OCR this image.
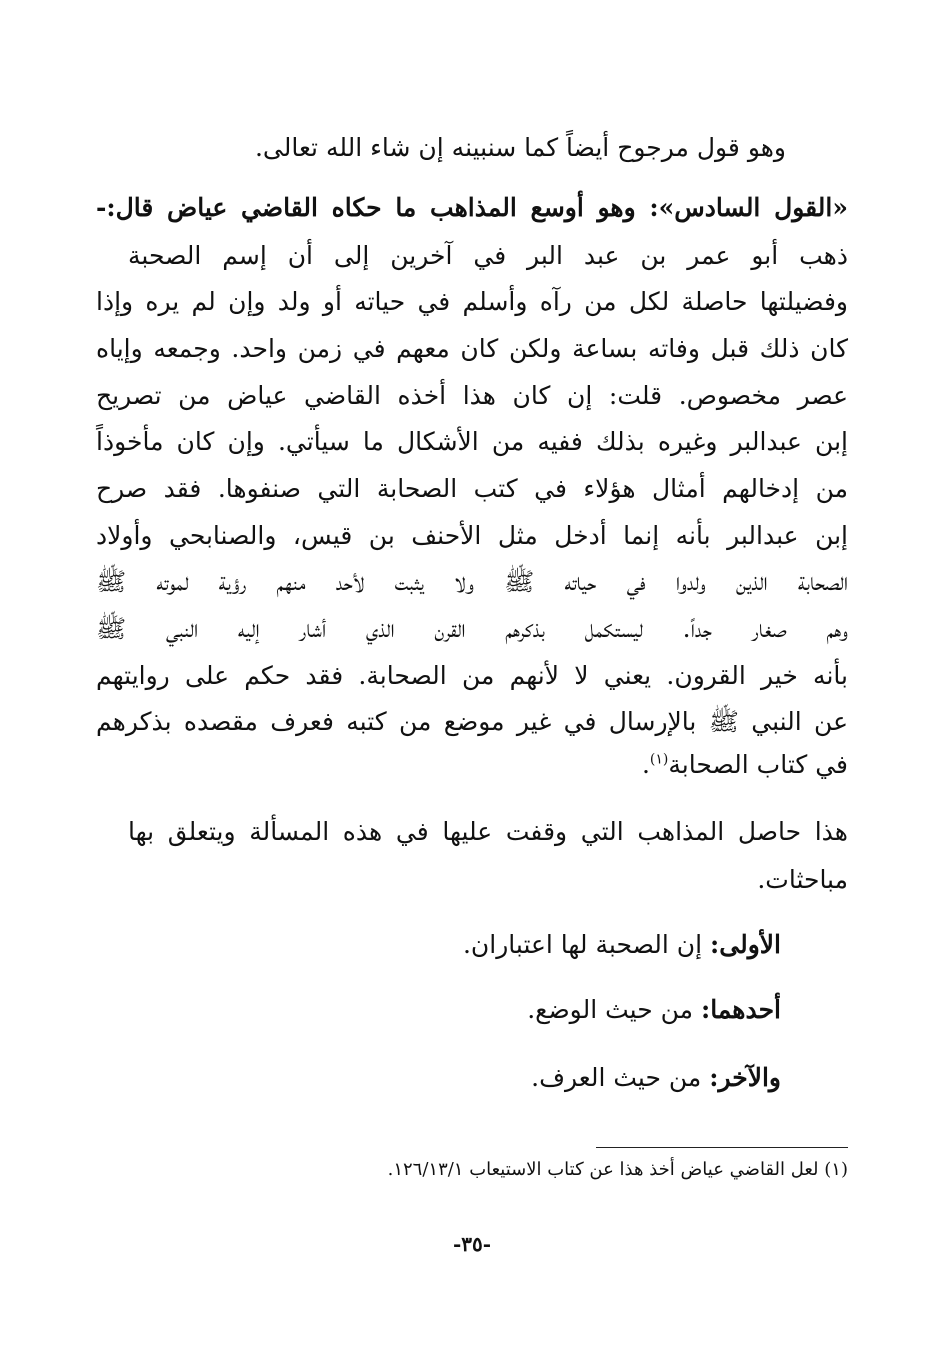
وهو قول مرجوح أيضاً كما سنبينه إن شاء الله تعالى.
«القول السادس»: وهو أوسع المذاهب ما حكاه القاضي عياض قال:-
ذهب أبو عمر بن عبد البر في آخرين إلى أن إسم الصحبة
وفضيلتها حاصلة لكل من رآه وأسلم في حياته أو ولد وإن لم يره وإذا
كان ذلك قبل وفاته بساعة ولكن كان معهم في زمن واحد. وجمعه وإياه
عصر مخصوص. قلت: إن كان هذا أخذه القاضي عياض من تصريح
إبن عبدالبر وغيره بذلك ففيه من الأشكال ما سيأتي. وإن كان مأخوذاً
من إدخالهم أمثال هؤلاء في كتب الصحابة التي صنفوها. فقد صرح
إبن عبدالبر بأنه إنما أدخل مثل الأحنف بن قيس، والصنابحي وأولاد
الصحابة الذين ولدوا في حياته ﷺ ولا يثبت لأحد منهم رؤية لموته ﷺ
وهم صغار جداً. ليستكمل بذكرهم القرن الذي أشار إليه النبي ﷺ
بأنه خير القرون. يعني لا لأنهم من الصحابة. فقد حكم على روايتهم
عن النبي ﷺ بالإرسال في غير موضع من كتبه فعرف مقصده بذكرهم
في كتاب الصحابة$^{(١)}$.
هذا حاصل المذاهب التي وقفت عليها في هذه المسألة ويتعلق بها
مباحثات.
الأولى: إن الصحبة لها اعتباران.
أحدهما: من حيث الوضع.
والآخر: من حيث العرف.
(١) لعل القاضي عياض أخذ هذا عن كتاب الاستيعاب ١٢٦/١٣/١.
-٣٥-
